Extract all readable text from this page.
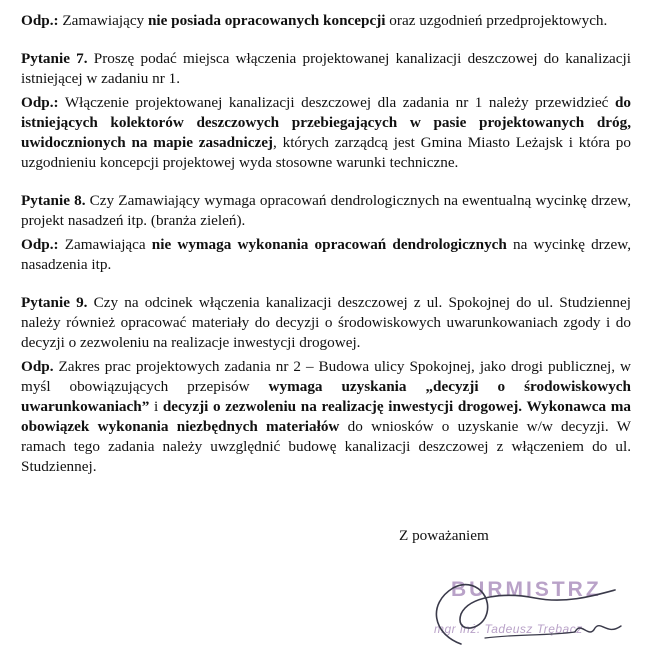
Odp.: Zamawiający nie posiada opracowanych koncepcji oraz uzgodnień przedprojektowych.

Pytanie 7. Proszę podać miejsca włączenia projektowanej kanalizacji deszczowej do kanalizacji istniejącej w zadaniu nr 1.

Odp.: Włączenie projektowanej kanalizacji deszczowej dla zadania nr 1 należy przewidzieć do istniejących kolektorów deszczowych przebiegających w pasie projektowanych dróg, uwidocznionych na mapie zasadniczej, których zarządcą jest Gmina Miasto Leżajsk i która po uzgodnieniu koncepcji projektowej wyda stosowne warunki techniczne.

Pytanie 8. Czy Zamawiający wymaga opracowań dendrologicznych na ewentualną wycinkę drzew, projekt nasadzeń itp. (branża zieleń).

Odp.: Zamawiająca nie wymaga wykonania opracowań dendrologicznych na wycinkę drzew, nasadzenia itp.

Pytanie 9. Czy na odcinek włączenia kanalizacji deszczowej z ul. Spokojnej do ul. Studziennej należy również opracować materiały do decyzji o środowiskowych uwarunkowaniach zgody i do decyzji o zezwoleniu na realizacje inwestycji drogowej.

Odp. Zakres prac projektowych zadania nr 2 – Budowa ulicy Spokojnej, jako drogi publicznej, w myśl obowiązujących przepisów wymaga uzyskania „decyzji o środowiskowych uwarunkowaniach” i decyzji o zezwoleniu na realizację inwestycji drogowej. Wykonawca ma obowiązek wykonania niezbędnych materiałów do wniosków o uzyskanie w/w decyzji. W ramach tego zadania należy uwzględnić budowę kanalizacji deszczowej z włączeniem do ul. Studziennej.

Z poważaniem
BURMISTRZ
mgr inż. Tadeusz Trębacz
